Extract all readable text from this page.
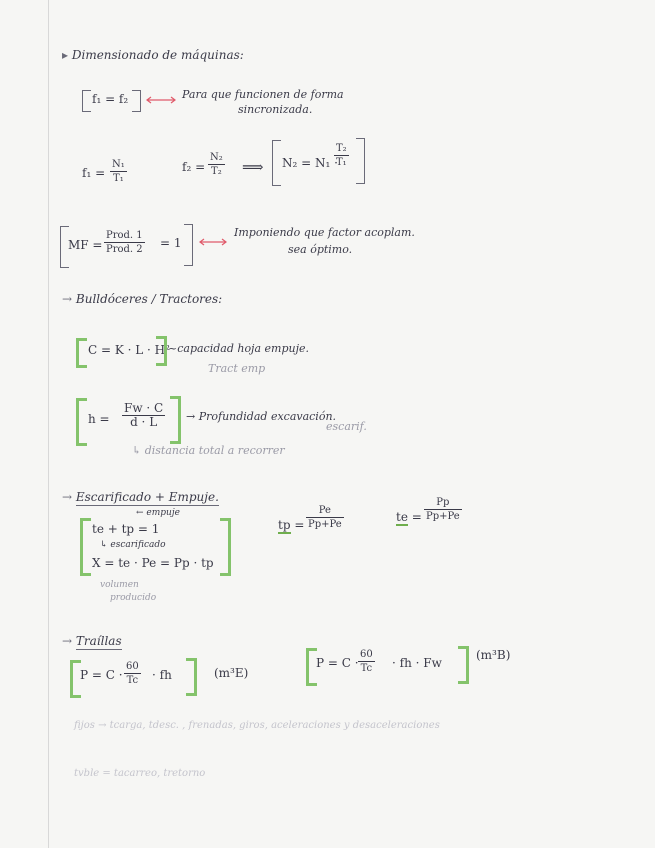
▸ Dimensionado de máquinas:
f₁ = f₂	Para que funcionen de forma
sincronizada.
$f_1 = \frac{\text{N₁}}{\text{T₁}}$	$f_2 = \frac{\text{N₂}}{\text{T₂}}$ ⟹ N₂ = N₁ ·
$\frac{\text{T₂}}{\text{T₁}}$
MF =
Prod. 1
Prod. 2 = 1
Imponiendo que factor acoplam.
sea óptimo.
→ Bulldóceres / Tractores:
C = K · L · H²
~capacidad hoja empuje.
Tract emp
$h = \frac{Fw \cdot C}{d \cdot L}$ → Profundidad excavación.
escarif.
↳ distancia total a recorrer
→ Escarificado + Empuje.
← empuje
te + tp = 1
↳ escarificado
X = te · Pe = Pp · tp
volumen
producido
tp = $\frac{Pe}{Pp+Pe}$	te = $\frac{Pp}{Pp+Pe}$
→ Traíllas
$P = C \cdot \frac{60}{Tc}$ · fh	(m³E)
$P = C \cdot \frac{60}{Tc}$ · fh · Fw
(m³B)
fijos → tcarga, tdesc. , frenadas, giros, aceleraciones y desaceleraciones
tvble = tacarreo, tretorno
